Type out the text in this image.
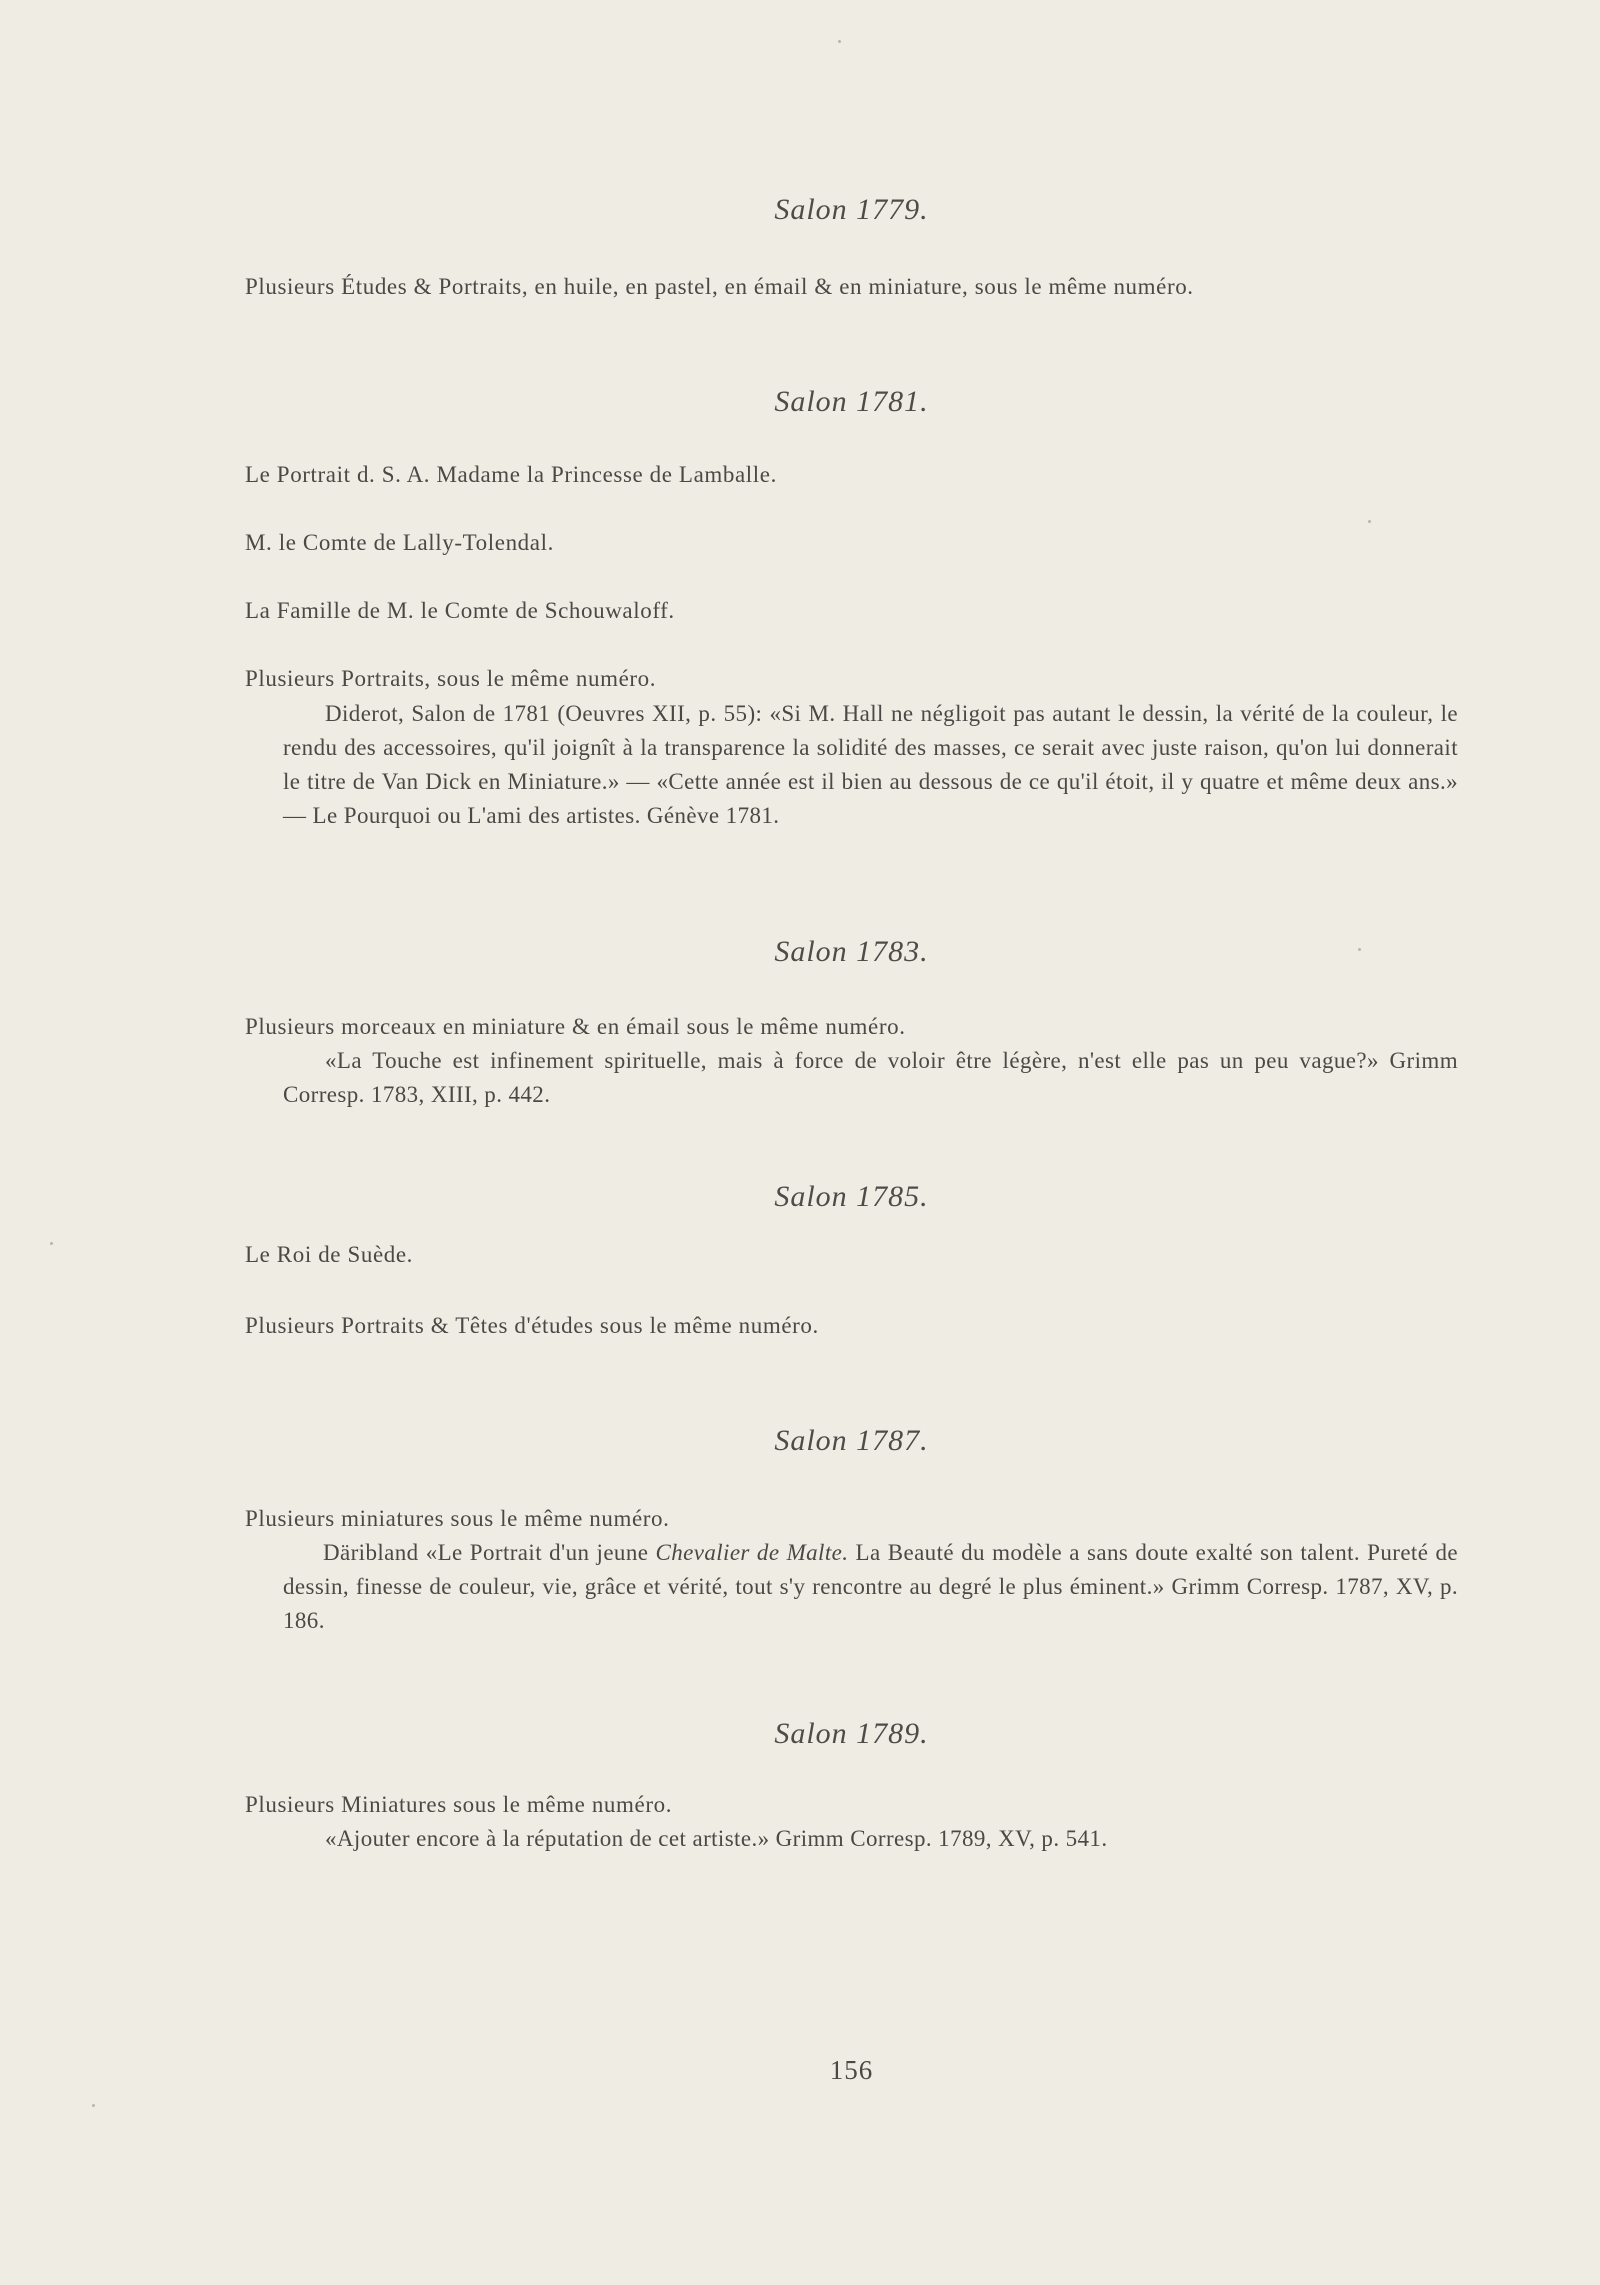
Salon 1779.
Plusieurs Études & Portraits, en huile, en pastel, en émail & en miniature, sous le même numéro.
Salon 1781.
Le Portrait d. S. A. Madame la Princesse de Lamballe.
M. le Comte de Lally-Tolendal.
La Famille de M. le Comte de Schouwaloff.
Plusieurs Portraits, sous le même numéro.
Diderot, Salon de 1781 (Oeuvres XII, p. 55): «Si M. Hall ne négligoit pas autant le dessin, la vérité de la couleur, le rendu des accessoires, qu'il joignît à la transparence la solidité des masses, ce serait avec juste raison, qu'on lui donnerait le titre de Van Dick en Miniature.» — «Cette année est il bien au dessous de ce qu'il étoit, il y quatre et même deux ans.» — Le Pourquoi ou L'ami des artistes. Génève 1781.
Salon 1783.
Plusieurs morceaux en miniature & en émail sous le même numéro.
«La Touche est infinement spirituelle, mais à force de voloir être légère, n'est elle pas un peu vague?» Grimm Corresp. 1783, XIII, p. 442.
Salon 1785.
Le Roi de Suède.
Plusieurs Portraits & Têtes d'études sous le même numéro.
Salon 1787.
Plusieurs miniatures sous le même numéro.
Däribland «Le Portrait d'un jeune Chevalier de Malte. La Beauté du modèle a sans doute exalté son talent. Pureté de dessin, finesse de couleur, vie, grâce et vérité, tout s'y rencontre au degré le plus éminent.» Grimm Corresp. 1787, XV, p. 186.
Salon 1789.
Plusieurs Miniatures sous le même numéro.
«Ajouter encore à la réputation de cet artiste.» Grimm Corresp. 1789, XV, p. 541.
156
